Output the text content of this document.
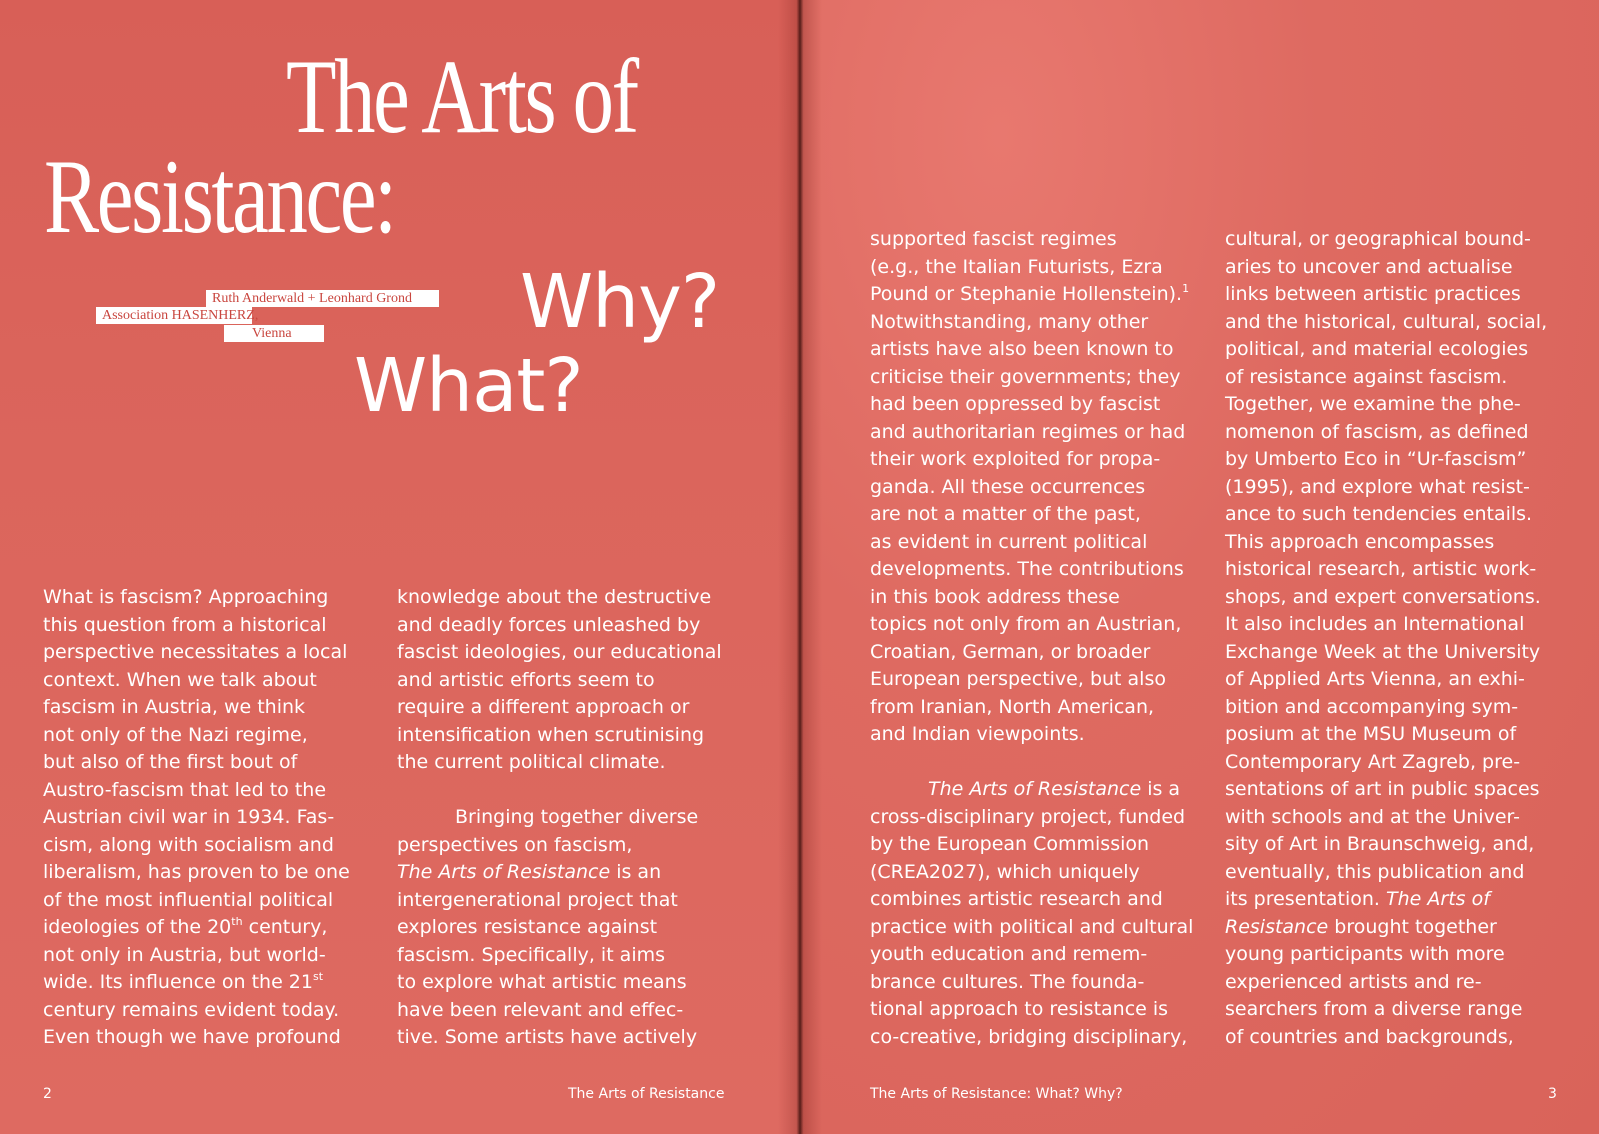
The Arts of
Resistance:
Why?
What?
Ruth Anderwald + Leonhard Grond
Association HASENHERZ,
Vienna
What is fascism? Approaching
this question from a historical
perspective necessitates a local
context. When we talk about
fascism in Austria, we think
not only of the Nazi regime,
but also of the first bout of
Austro-fascism that led to the
Austrian civil war in 1934. Fas-
cism, along with socialism and
liberalism, has proven to be one
of the most influential political
ideologies of the 20th century,
not only in Austria, but world-
wide. Its influence on the 21st
century remains evident today.
Even though we have profound
knowledge about the destructive
and deadly forces unleashed by
fascist ideologies, our educational
and artistic efforts seem to
require a different approach or
intensification when scrutinising
the current political climate.
Bringing together diverse
perspectives on fascism,
The Arts of Resistance is an
intergenerational project that
explores resistance against
fascism. Specifically, it aims
to explore what artistic means
have been relevant and effec-
tive. Some artists have actively
2	The Arts of Resistance
supported fascist regimes
(e.g., the Italian Futurists, Ezra
Pound or Stephanie Hollenstein).$^1$
Notwithstanding, many other
artists have also been known to
criticise their governments; they
had been oppressed by fascist
and authoritarian regimes or had
their work exploited for propa-
ganda. All these occurrences
are not a matter of the past,
as evident in current political
developments. The contributions
in this book address these
topics not only from an Austrian,
Croatian, German, or broader
European perspective, but also
from Iranian, North American,
and Indian viewpoints.
The Arts of Resistance is a
cross-disciplinary project, funded
by the European Commission
(CREA2027), which uniquely
combines artistic research and
practice with political and cultural
youth education and remem-
brance cultures. The founda-
tional approach to resistance is
co-creative, bridging disciplinary,
cultural, or geographical bound-
aries to uncover and actualise
links between artistic practices
and the historical, cultural, social,
political, and material ecologies
of resistance against fascism.
Together, we examine the phe-
nomenon of fascism, as defined
by Umberto Eco in “Ur-fascism”
(1995), and explore what resist-
ance to such tendencies entails.
This approach encompasses
historical research, artistic work-
shops, and expert conversations.
It also includes an International
Exchange Week at the University
of Applied Arts Vienna, an exhi-
bition and accompanying sym-
posium at the MSU Museum of
Contemporary Art Zagreb, pre-
sentations of art in public spaces
with schools and at the Univer-
sity of Art in Braunschweig, and,
eventually, this publication and
its presentation. The Arts of
Resistance brought together
young participants with more
experienced artists and re-
searchers from a diverse range
of countries and backgrounds,
The Arts of Resistance: What? Why?	3
